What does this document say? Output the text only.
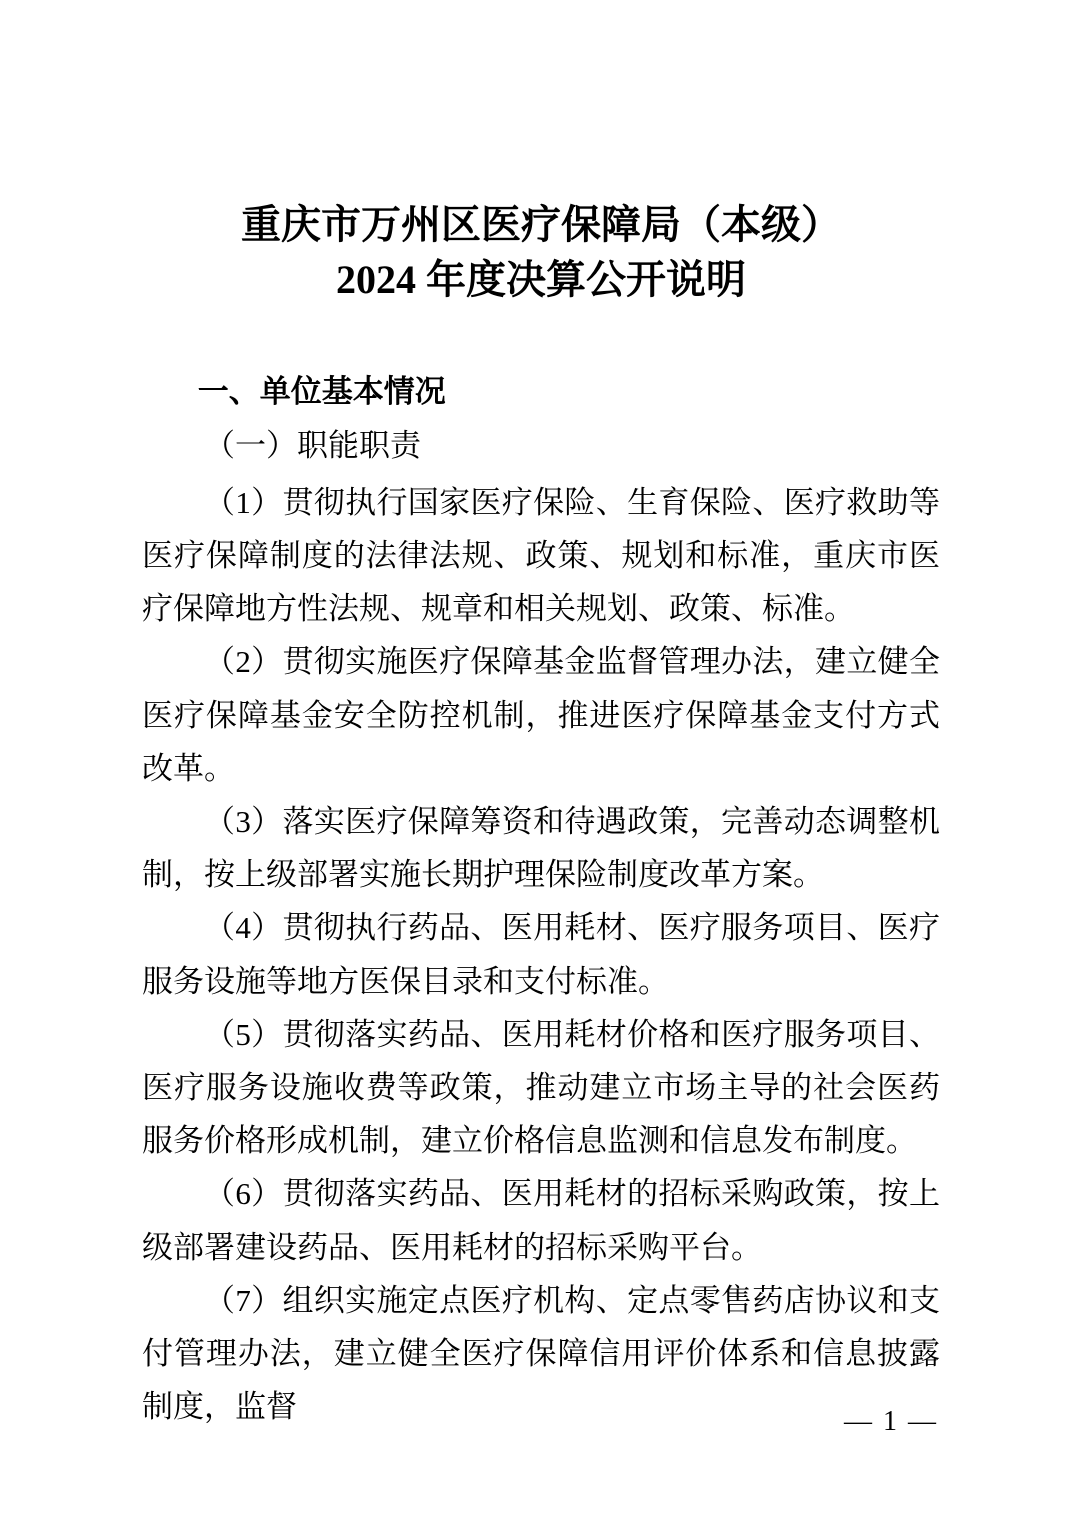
重庆市万州区医疗保障局（本级）
2024 年度决算公开说明
一、单位基本情况
（一）职能职责

（1）贯彻执行国家医疗保险、生育保险、医疗救助等医疗保障制度的法律法规、政策、规划和标准，重庆市医疗保障地方性法规、规章和相关规划、政策、标准。

（2）贯彻实施医疗保障基金监督管理办法，建立健全医疗保障基金安全防控机制，推进医疗保障基金支付方式改革。

（3）落实医疗保障筹资和待遇政策，完善动态调整机制，按上级部署实施长期护理保险制度改革方案。

（4）贯彻执行药品、医用耗材、医疗服务项目、医疗服务设施等地方医保目录和支付标准。

（5）贯彻落实药品、医用耗材价格和医疗服务项目、医疗服务设施收费等政策，推动建立市场主导的社会医药服务价格形成机制，建立价格信息监测和信息发布制度。

（6）贯彻落实药品、医用耗材的招标采购政策，按上级部署建设药品、医用耗材的招标采购平台。

（7）组织实施定点医疗机构、定点零售药店协议和支付管理办法，建立健全医疗保障信用评价体系和信息披露制度，监督	— 1 —
